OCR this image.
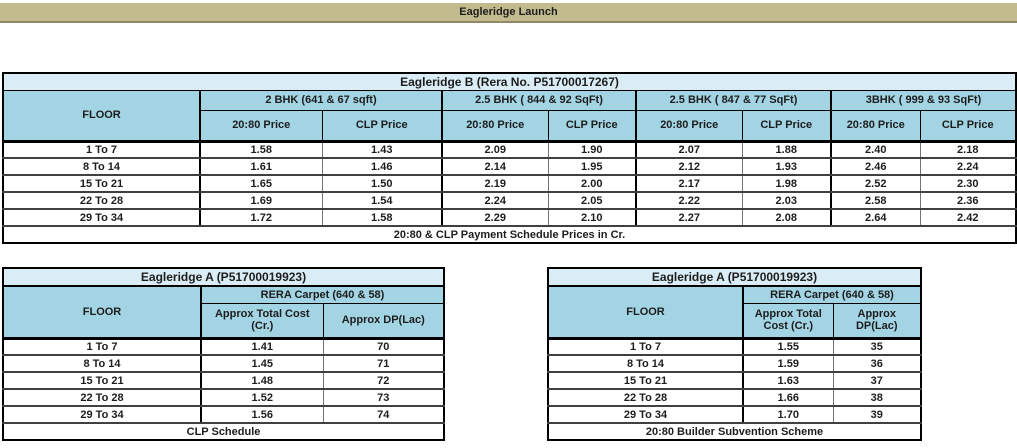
Eagleridge Launch
Eagleridge B (Rera No. P51700017267)								
FLOOR	2 BHK (641 & 67 sqft)		2.5 BHK ( 844 & 92 SqFt)		2.5 BHK ( 847 & 77 SqFt)		3BHK ( 999 & 93 SqFt)	
	20:80 Price	CLP Price	20:80 Price	CLP Price	20:80 Price	CLP Price	20:80 Price	CLP Price
1 To 7	1.58	1.43	2.09	1.90	2.07	1.88	2.40	2.18
8 To 14	1.61	1.46	2.14	1.95	2.12	1.93	2.46	2.24
15 To 21	1.65	1.50	2.19	2.00	2.17	1.98	2.52	2.30
22 To 28	1.69	1.54	2.24	2.05	2.22	2.03	2.58	2.36
29 To 34	1.72	1.58	2.29	2.10	2.27	2.08	2.64	2.42
20:80 & CLP Payment Schedule Prices in Cr.								
Eagleridge A (P51700019923)		
FLOOR	RERA Carpet (640 & 58)	
	Approx Total Cost (Cr.)	Approx DP(Lac)
1 To 7	1.41	70
8 To 14	1.45	71
15 To 21	1.48	72
22 To 28	1.52	73
29 To 34	1.56	74
CLP Schedule		
Eagleridge A (P51700019923)		
FLOOR	RERA Carpet (640 & 58)	
	Approx Total Cost (Cr.)	Approx DP(Lac)
1 To 7	1.55	35
8 To 14	1.59	36
15 To 21	1.63	37
22 To 28	1.66	38
29 To 34	1.70	39
20:80 Builder Subvention Scheme		
